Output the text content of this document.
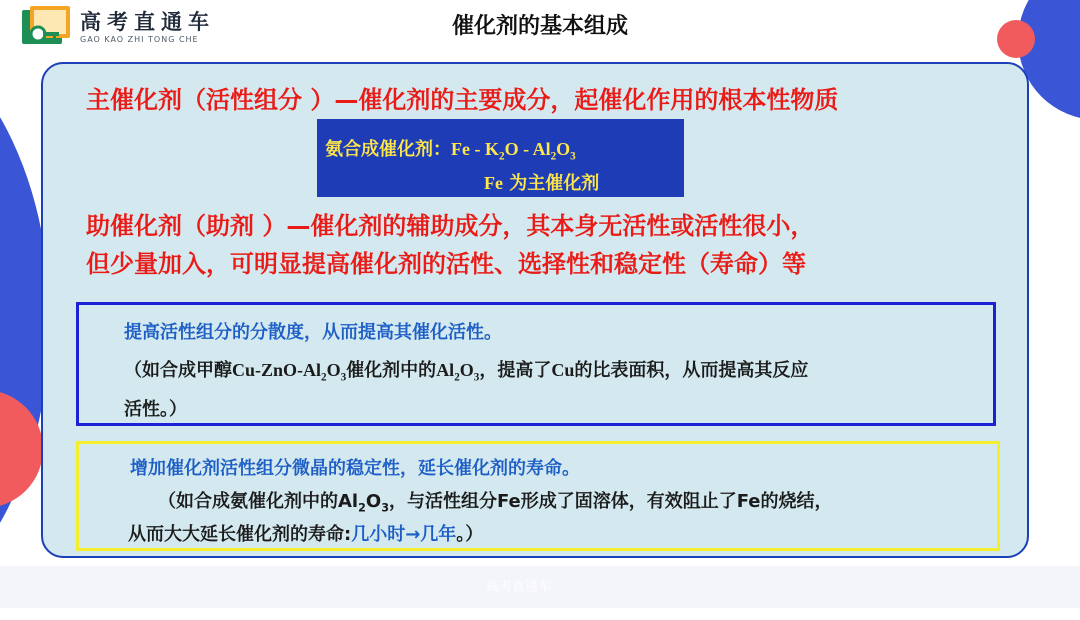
高考直通车
GAO KAO ZHI TONG CHE
催化剂的基本组成
主催化剂（活性组分 ）—催化剂的主要成分，起催化作用的根本性物质
氨合成催化剂：Fe - $K_2O - Al_2O_3$
Fe 为主催化剂
助催化剂（助剂 ）—催化剂的辅助成分，其本身无活性或活性很小，
但少量加入，可明显提高催化剂的活性、选择性和稳定性（寿命）等
提高活性组分的分散度，从而提高其催化活性。
（如合成甲醇$Cu-ZnO-Al_2O_3$催化剂中的$Al_2O_3$，提高了Cu的比表面积，从而提高其反应
活性。）
增加催化剂活性组分微晶的稳定性，延长催化剂的寿命。
（如合成氨催化剂中的$Al_2O_3$，与活性组分Fe形成了固溶体，有效阻止了Fe的烧结，
从而大大延长催化剂的寿命:几小时→几年。）
高考直通车
